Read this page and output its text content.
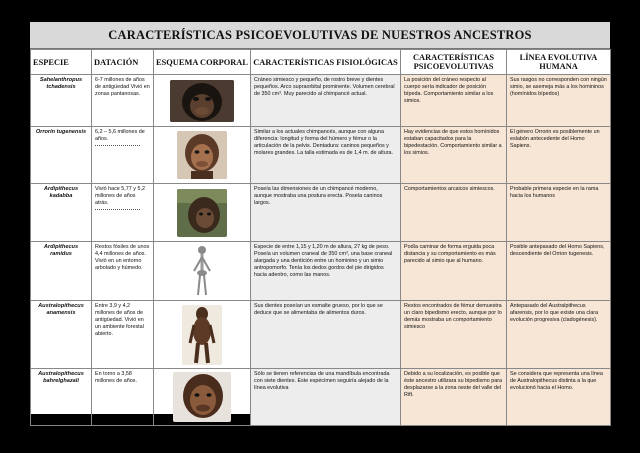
CARACTERÍSTICAS PSICOEVOLUTIVAS DE NUESTROS ANCESTROS
ESPECIE	DATACIÓN	ESQUEMA CORPORAL	CARACTERÍSTICAS FISIOLÓGICAS	CARACTERÍSTICAS PSICOEVOLUTIVAS	LÍNEA EVOLUTIVA HUMANA
Sahelanthropus tchadensis	6-7 millones de años de antigüedad Vivió en zonas pantanosas.		Cráneo simiesco y pequeño, de rostro breve y dientes pequeños. Arco supraorbital prominente. Volumen cerebral de 350 cm³. Muy parecido al chimpancé actual.	La posición del cráneo respecto al cuerpo sería indicador de posición bípeda. Comportamiento similar a los simios.	Sus rasgos no corresponden con ningún simio, se asemeja más a los homininos (homínidos bípedos)
Orrorin tugenensis	6,2 – 5,6 millones de años.		Similar a los actuales chimpancés, aunque con alguna diferencia: longitud y forma del húmero y fémur o la articulación de la pelvis. Dentadura: caninos pequeños y molares grandes. La talla estimada es de 1,4 m. de altura.	Hay evidencias de que estos homínidos estaban capacitados para la bipedestación. Comportamiento similar a los simios.	El género Orrorin es posiblemente un eslabón antecedente del Homo Sapiens.
Ardipithecus kadabba	Vivió hace 5,77 y 5,2 millones de años atrás.		Poseía las dimensiones de un chimpancé moderno, aunque mostraba una postura erecta. Poseía caninos largos.	Comportamientos arcaicos simiescos.	Probable primera especie en la rama hacia los humanos
Ardipithecus ramidus	Restos fósiles de unos 4,4 millones de años. Vivió en un entorno arbolado y húmedo.		Especie de entre 1,15 y 1,20 m de altura, 27 kg de peso. Poseía un volumen craneal de 350 cm³, una base craneal alargada y una dentición entre un hominino y un simio antropomorfo. Tenía los dedos gordos del pie dirigidos hacia adentro, como las manos.	Podía caminar de forma erguida poca distancia y su comportamiento es más parecido al simio que al humano.	Posible antepasado del Homo Sapiens, descendiente del Orrion tugenesis.
Australopithecus anamensis	Entre 3,9 y 4,2 millones de años de antigüedad. Vivió en un ambiente forestal abierto.		Sus dientes poseían un esmalte grueso, por lo que se deduce que se alimentaba de alimentos duros.	Restos encontrados de fémur demuestra un claro bipedismo erecto, aunque por lo demás mostraba un comportamiento simiesco	Antepasado del Australpithecus afarensis, por lo que existe una clara evolución progresiva (cladogénesis).
Australopithecus bahrelghazali	En torno a 3,58 millones de años.		Sólo se tienen referencias de una mandíbula encontrada con siete dientes. Este espécimen seguiría alejado de la línea evolutiva	Debido a su localización, es posible que éste ancestro utilizara su bipedismo para desplazarse a la zona oeste del valle del Rift.	Se considera que representa una línea de Australopithecus distinta a la que evolucionó hacia el Homo.
